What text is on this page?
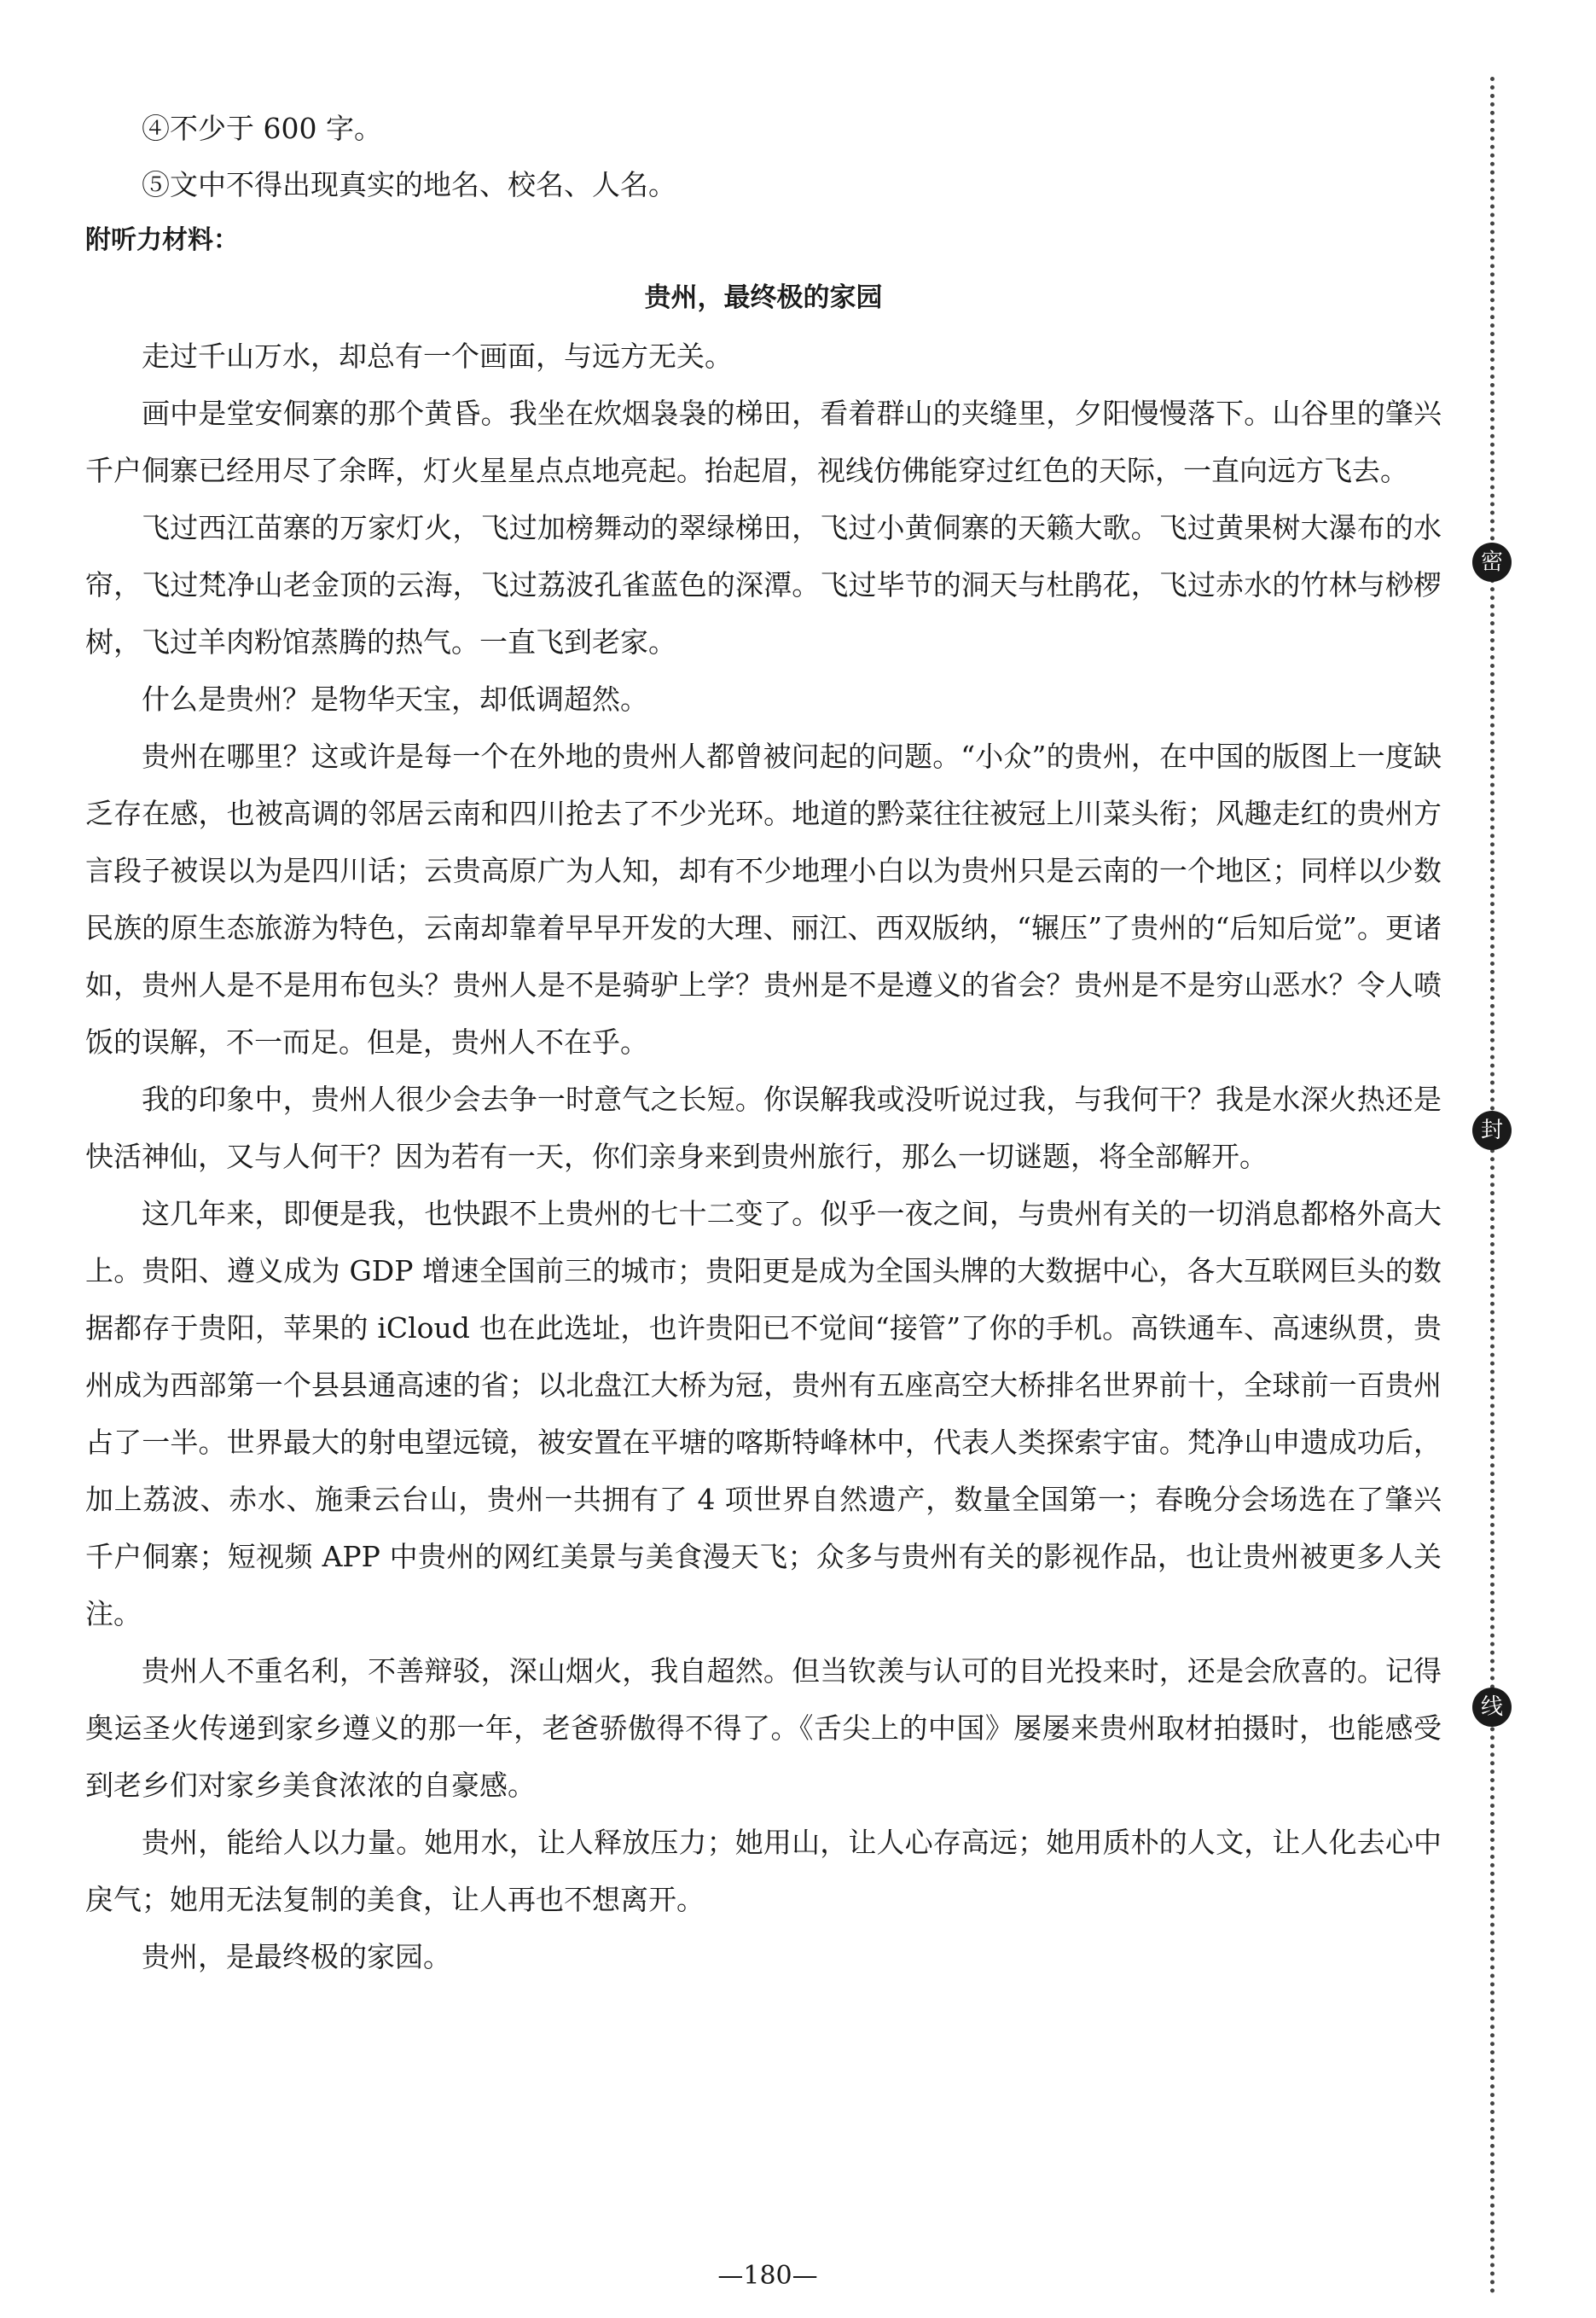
④不少于 600 字。

⑤文中不得出现真实的地名、校名、人名。

附听力材料：

贵州，最终极的家园

走过千山万水，却总有一个画面，与远方无关。

画中是堂安侗寨的那个黄昏。我坐在炊烟袅袅的梯田，看着群山的夹缝里，夕阳慢慢落下。山谷里的肇兴千户侗寨已经用尽了余晖，灯火星星点点地亮起。抬起眉，视线仿佛能穿过红色的天际，一直向远方飞去。

飞过西江苗寨的万家灯火，飞过加榜舞动的翠绿梯田，飞过小黄侗寨的天籁大歌。飞过黄果树大瀑布的水帘，飞过梵净山老金顶的云海，飞过荔波孔雀蓝色的深潭。飞过毕节的洞天与杜鹃花，飞过赤水的竹林与桫椤树，飞过羊肉粉馆蒸腾的热气。一直飞到老家。

什么是贵州？是物华天宝，却低调超然。

贵州在哪里？这或许是每一个在外地的贵州人都曾被问起的问题。“小众”的贵州，在中国的版图上一度缺乏存在感，也被高调的邻居云南和四川抢去了不少光环。地道的黔菜往往被冠上川菜头衔；风趣走红的贵州方言段子被误以为是四川话；云贵高原广为人知，却有不少地理小白以为贵州只是云南的一个地区；同样以少数民族的原生态旅游为特色，云南却靠着早早开发的大理、丽江、西双版纳，“辗压”了贵州的“后知后觉”。更诸如，贵州人是不是用布包头？贵州人是不是骑驴上学？贵州是不是遵义的省会？贵州是不是穷山恶水？令人喷饭的误解，不一而足。但是，贵州人不在乎。

我的印象中，贵州人很少会去争一时意气之长短。你误解我或没听说过我，与我何干？我是水深火热还是快活神仙，又与人何干？因为若有一天，你们亲身来到贵州旅行，那么一切谜题，将全部解开。

这几年来，即便是我，也快跟不上贵州的七十二变了。似乎一夜之间，与贵州有关的一切消息都格外高大上。贵阳、遵义成为 GDP 增速全国前三的城市；贵阳更是成为全国头牌的大数据中心，各大互联网巨头的数据都存于贵阳，苹果的 iCloud 也在此选址，也许贵阳已不觉间“接管”了你的手机。高铁通车、高速纵贯，贵州成为西部第一个县县通高速的省；以北盘江大桥为冠，贵州有五座高空大桥排名世界前十，全球前一百贵州占了一半。世界最大的射电望远镜，被安置在平塘的喀斯特峰林中，代表人类探索宇宙。梵净山申遗成功后，加上荔波、赤水、施秉云台山，贵州一共拥有了 4 项世界自然遗产，数量全国第一；春晚分会场选在了肇兴千户侗寨；短视频 APP 中贵州的网红美景与美食漫天飞；众多与贵州有关的影视作品，也让贵州被更多人关注。

贵州人不重名利，不善辩驳，深山烟火，我自超然。但当钦羡与认可的目光投来时，还是会欣喜的。记得奥运圣火传递到家乡遵义的那一年，老爸骄傲得不得了。《舌尖上的中国》屡屡来贵州取材拍摄时，也能感受到老乡们对家乡美食浓浓的自豪感。

贵州，能给人以力量。她用水，让人释放压力；她用山，让人心存高远；她用质朴的人文，让人化去心中戾气；她用无法复制的美食，让人再也不想离开。

贵州，是最终极的家园。

密
封
线
—180—
